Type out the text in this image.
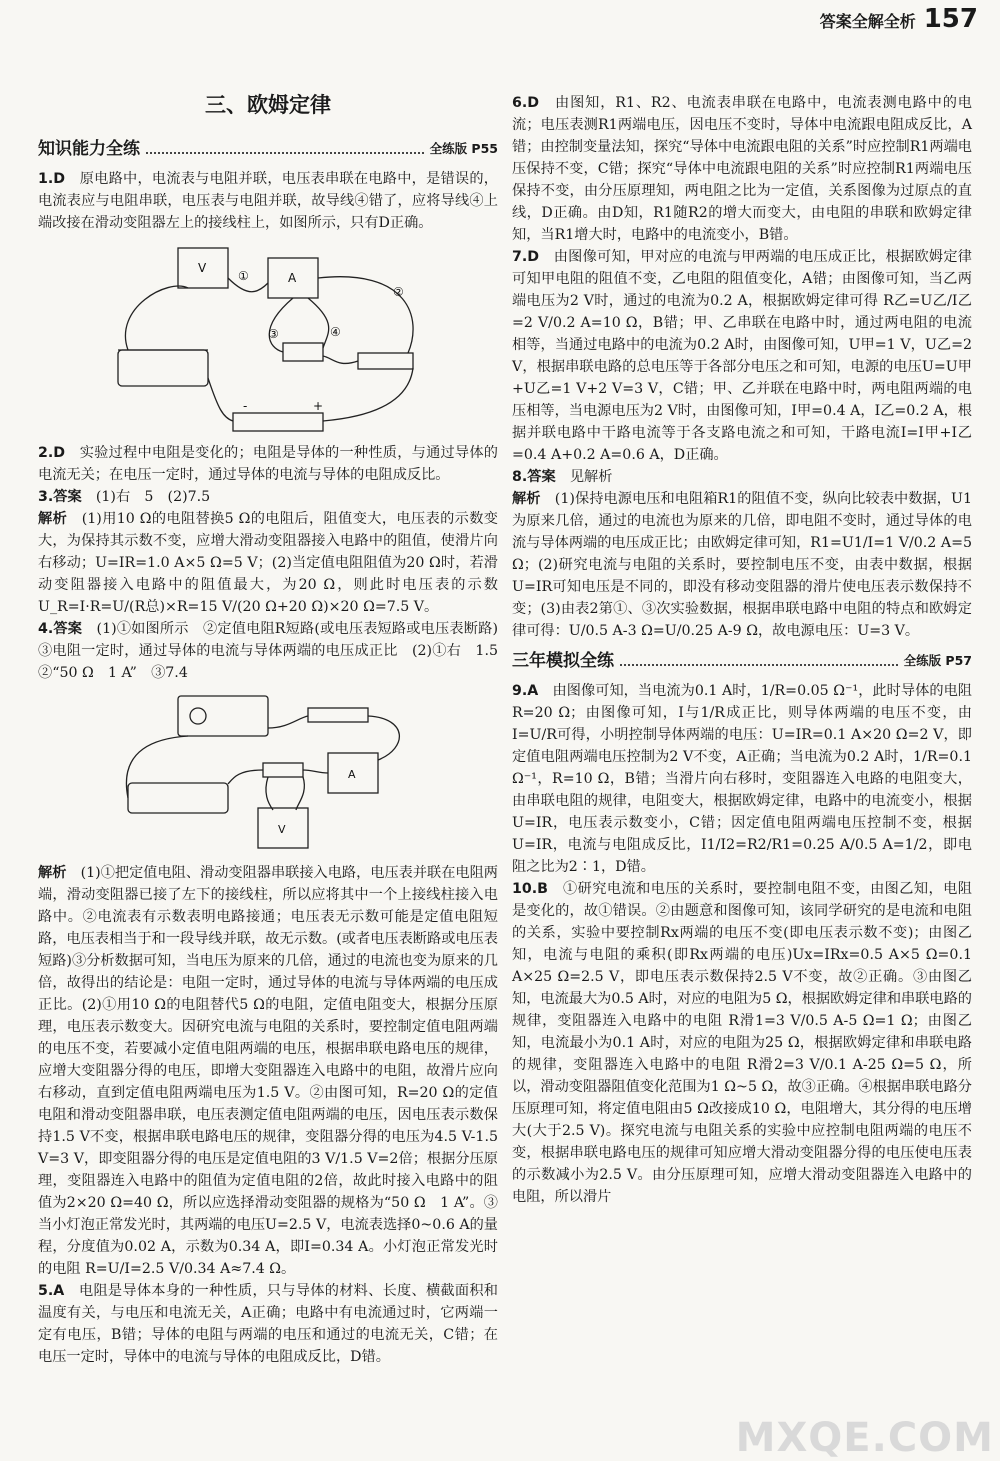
答案全解全析 157
三、欧姆定律
知识能力全练	全练版 P55

1.D　 原电路中，电流表与电阻并联，电压表串联在电路中，是错误的，电流表应与电阻串联，电压表与电阻并联，故导线④错了，应将导线④上端改接在滑动变阻器左上的接线柱上，如图所示，只有D正确。

①
②
③	④
A
V
-	+

2.D　 实验过程中电阻是变化的；电阻是导体的一种性质，与通过导体的电流无关；在电压一定时，通过导体的电流与导体的电阻成反比。

3.答案　 (1)右　5　(2)7.5

解析　 (1)用10 Ω的电阻替换5 Ω的电阻后，阻值变大，电压表的示数变大，为保持其示数不变，应增大滑动变阻器接入电路中的阻值，使滑片向右移动；U=IR=1.0 A×5 Ω=5 V；(2)当定值电阻阻值为20 Ω时，若滑动变阻器接入电路中的阻值最大，为20 Ω，则此时电压表的示数 U_R=I·R=U/(R总)×R=15 V/(20 Ω+20 Ω)×20 Ω=7.5 V。

4.答案　 (1)①如图所示　②定值电阻R短路(或电压表短路或电压表断路)　③电阻一定时，通过导体的电流与导体两端的电压成正比　(2)①右　1.5　②“50 Ω　1 A”　③7.4

A
V

解析　 (1)①把定值电阻、滑动变阻器串联接入电路，电压表并联在电阻两端，滑动变阻器已接了左下的接线柱，所以应将其中一个上接线柱接入电路中。②电流表有示数表明电路接通；电压表无示数可能是定值电阻短路，电压表相当于和一段导线并联，故无示数。(或者电压表断路或电压表短路)③分析数据可知，当电压为原来的几倍，通过的电流也变为原来的几倍，故得出的结论是：电阻一定时，通过导体的电流与导体两端的电压成正比。(2)①用10 Ω的电阻替代5 Ω的电阻，定值电阻变大，根据分压原理，电压表示数变大。因研究电流与电阻的关系时，要控制定值电阻两端的电压不变，若要减小定值电阻两端的电压，根据串联电路电压的规律，应增大变阻器分得的电压，即增大变阻器连入电路中的电阻，故滑片应向右移动，直到定值电阻两端电压为1.5 V。②由图可知，R=20 Ω的定值电阻和滑动变阻器串联，电压表测定值电阻两端的电压，因电压表示数保持1.5 V不变，根据串联电路电压的规律，变阻器分得的电压为4.5 V-1.5 V=3 V，即变阻器分得的电压是定值电阻的3 V/1.5 V=2倍；根据分压原理，变阻器连入电路中的阻值为定值电阻的2倍，故此时接入电路中的阻值为2×20 Ω=40 Ω，所以应选择滑动变阻器的规格为“50 Ω　1 A”。③当小灯泡正常发光时，其两端的电压U=2.5 V，电流表选择0~0.6 A的量程，分度值为0.02 A，示数为0.34 A，即I=0.34 A。小灯泡正常发光时的电阻 R=U/I=2.5 V/0.34 A≈7.4 Ω。

5.A　 电阻是导体本身的一种性质，只与导体的材料、长度、横截面积和温度有关，与电压和电流无关，A正确；电路中有电流通过时，它两端一定有电压，B错；导体的电阻与两端的电压和通过的电流无关，C错；在电压一定时，导体中的电流与导体的电阻成反比，D错。

6.D　 由图知，R1、R2、电流表串联在电路中，电流表测电路中的电流；电压表测R1两端电压，因电压不变时，导体中电流跟电阻成反比，A错；由控制变量法知，探究“导体中电流跟电阻的关系”时应控制R1两端电压保持不变，C错；探究“导体中电流跟电阻的关系”时应控制R1两端电压保持不变，由分压原理知，两电阻之比为一定值，关系图像为过原点的直线，D正确。由D知，R1随R2的增大而变大，由电阻的串联和欧姆定律知，当R1增大时，电路中的电流变小，B错。

7.D　 由图像可知，甲对应的电流与甲两端的电压成正比，根据欧姆定律可知甲电阻的阻值不变，乙电阻的阻值变化，A错；由图像可知，当乙两端电压为2 V时，通过的电流为0.2 A，根据欧姆定律可得 R乙=U乙/I乙=2 V/0.2 A=10 Ω，B错；甲、乙串联在电路中时，通过两电阻的电流相等，当通过电路中的电流为0.2 A时，由图像可知，U甲=1 V，U乙=2 V，根据串联电路的总电压等于各部分电压之和可知，电源的电压U=U甲+U乙=1 V+2 V=3 V，C错；甲、乙并联在电路中时，两电阻两端的电压相等，当电源电压为2 V时，由图像可知，I甲=0.4 A，I乙=0.2 A，根据并联电路中干路电流等于各支路电流之和可知，干路电流I=I甲+I乙=0.4 A+0.2 A=0.6 A，D正确。

8.答案　 见解析

解析　 (1)保持电源电压和电阻箱R1的阻值不变，纵向比较表中数据，U1为原来几倍，通过的电流也为原来的几倍，即电阻不变时，通过导体的电流与导体两端的电压成正比；由欧姆定律可知，R1=U1/I=1 V/0.2 A=5 Ω；(2)研究电流与电阻的关系时，要控制电压不变，由表中数据，根据U=IR可知电压是不同的，即没有移动变阻器的滑片使电压表示数保持不变；(3)由表2第①、③次实验数据，根据串联电路中电阻的特点和欧姆定律可得：U/0.5 A-3 Ω=U/0.25 A-9 Ω，故电源电压：U=3 V。

三年模拟全练	全练版 P57

9.A　 由图像可知，当电流为0.1 A时，1/R=0.05 Ω⁻¹，此时导体的电阻R=20 Ω；由图像可知，I与1/R成正比，则导体两端的电压不变，由I=U/R可得，小明控制导体两端的电压：U=IR=0.1 A×20 Ω=2 V，即定值电阻两端电压控制为2 V不变，A正确；当电流为0.2 A时，1/R=0.1 Ω⁻¹，R=10 Ω，B错；当滑片向右移时，变阻器连入电路的电阻变大，由串联电阻的规律，电阻变大，根据欧姆定律，电路中的电流变小，根据U=IR，电压表示数变小，C错；因定值电阻两端电压控制不变，根据U=IR，电流与电阻成反比，I1/I2=R2/R1=0.25 A/0.5 A=1/2，即电阻之比为2∶1，D错。

10.B　 ①研究电流和电压的关系时，要控制电阻不变，由图乙知，电阻是变化的，故①错误。②由题意和图像可知，该同学研究的是电流和电阻的关系，实验中要控制Rx两端的电压不变(即电压表示数不变)；由图乙知，电流与电阻的乘积(即Rx两端的电压)Ux=IRx=0.5 A×5 Ω=0.1 A×25 Ω=2.5 V，即电压表示数保持2.5 V不变，故②正确。③由图乙知，电流最大为0.5 A时，对应的电阻为5 Ω，根据欧姆定律和串联电路的规律，变阻器连入电路中的电阻 R滑1=3 V/0.5 A-5 Ω=1 Ω；由图乙知，电流最小为0.1 A时，对应的电阻为25 Ω，根据欧姆定律和串联电路的规律，变阻器连入电路中的电阻 R滑2=3 V/0.1 A-25 Ω=5 Ω，所以，滑动变阻器阻值变化范围为1 Ω~5 Ω，故③正确。④根据串联电路分压原理可知，将定值电阻由5 Ω改接成10 Ω，电阻增大，其分得的电压增大(大于2.5 V)。探究电流与电阻关系的实验中应控制电阻两端的电压不变，根据串联电路电压的规律可知应增大滑动变阻器分得的电压使电压表的示数减小为2.5 V。由分压原理可知，应增大滑动变阻器连入电路中的电阻，所以滑片

MXQE.COM
